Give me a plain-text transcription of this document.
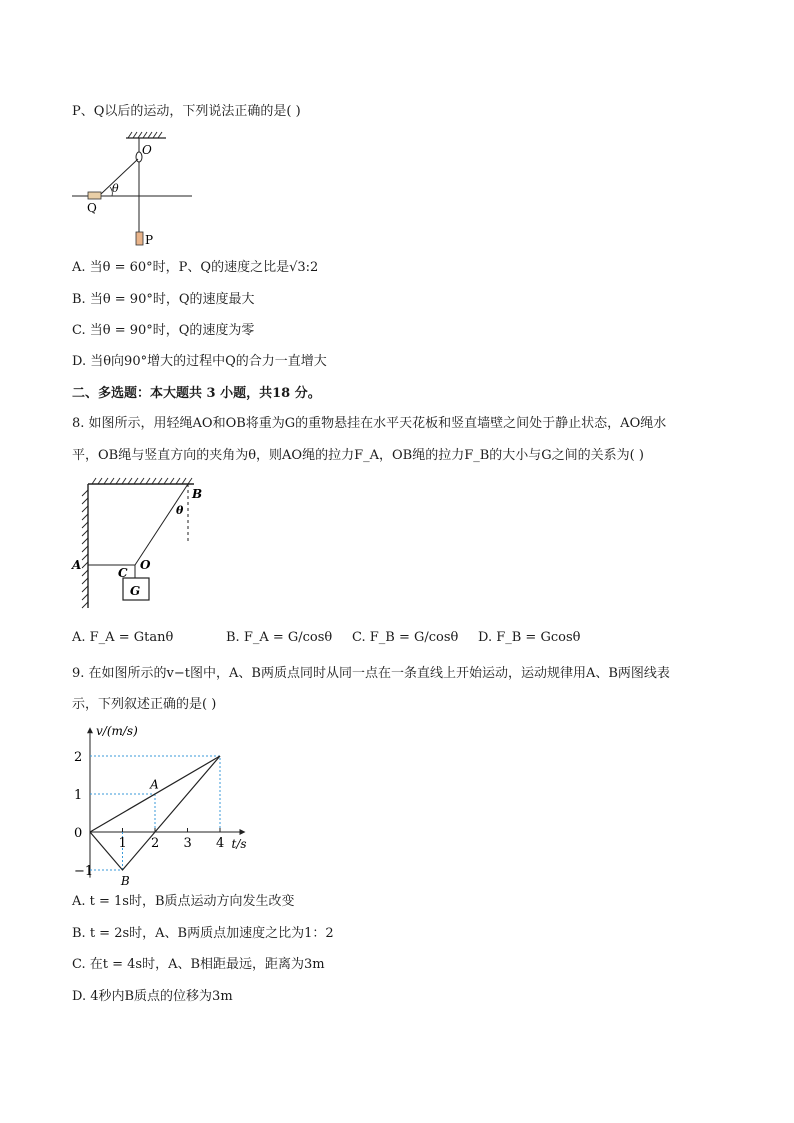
P、Q以后的运动，下列说法正确的是( )
O
θ
Q
P
A. 当θ = 60°时，P、Q的速度之比是√3:2
B. 当θ = 90°时，Q的速度最大
C. 当θ = 90°时，Q的速度为零
D. 当θ向90°增大的过程中Q的合力一直增大
二、多选题：本大题共 3 小题，共18 分。
8. 如图所示，用轻绳AO和OB将重为G的重物悬挂在水平天花板和竖直墙壁之间处于静止状态，AO绳水
平，OB绳与竖直方向的夹角为θ，则AO绳的拉力F_A，OB绳的拉力F_B的大小与G之间的关系为( )
A
C
O
G
B
θ
A. F_A = Gtanθ	B. F_A = G/cosθ C. F_B = G/cosθ D. F_B = Gcosθ
9. 在如图所示的v−t图中，A、B两质点同时从同一点在一条直线上开始运动，运动规律用A、B两图线表
示，下列叙述正确的是( )
1 2 3 4
2
1
0
−1
v/(m/s)
t/s
A
B
A. t = 1s时，B质点运动方向发生改变
B. t = 2s时，A、B两质点加速度之比为1：2
C. 在t = 4s时，A、B相距最远，距离为3m
D. 4秒内B质点的位移为3m
